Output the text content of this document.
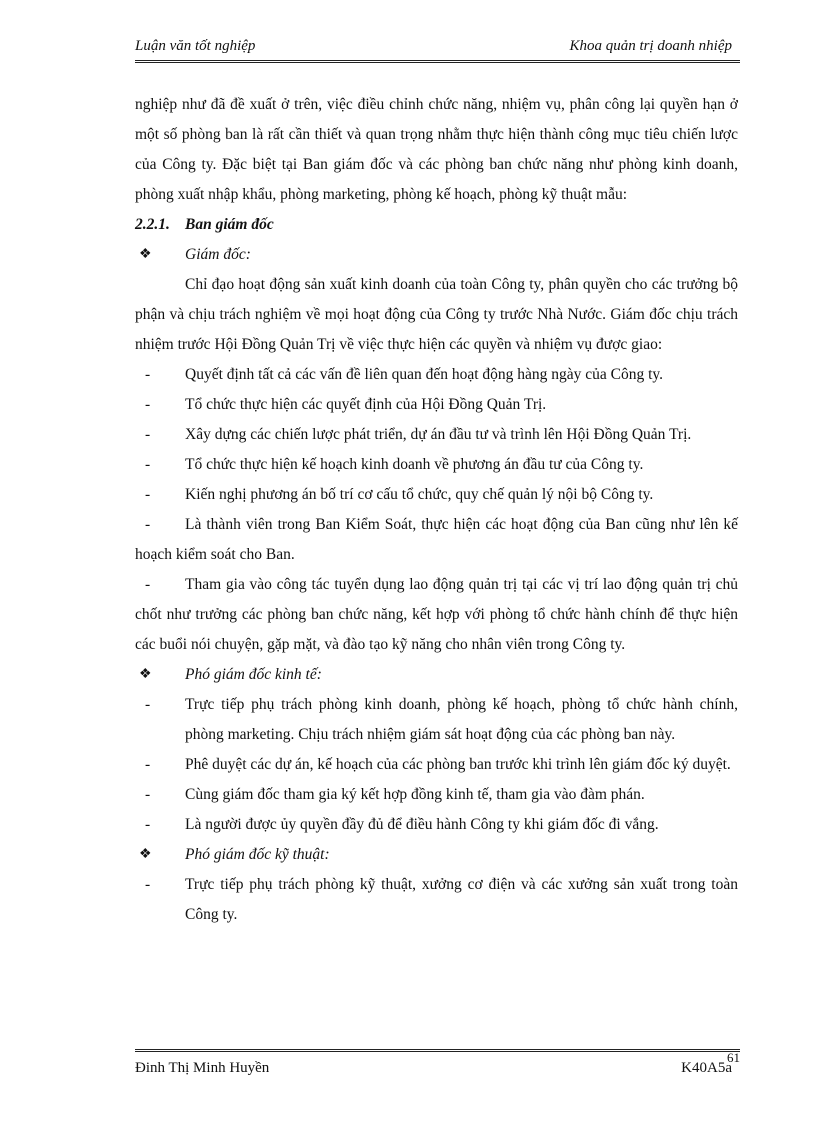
Luận văn tốt nghiệp	Khoa quản trị doanh nhiệp
nghiệp như đã đề xuất ở trên, việc điều chỉnh chức năng, nhiệm vụ, phân công lại quyền hạn ở một số phòng ban là rất cần thiết và quan trọng nhằm thực hiện thành công mục tiêu chiến lược của Công ty. Đặc biệt tại Ban giám đốc và các phòng ban chức năng như phòng kinh doanh, phòng xuất nhập khẩu, phòng marketing, phòng kế hoạch, phòng kỹ thuật mẫu:
2.2.1. Ban giám đốc
❖ Giám đốc:
Chỉ đạo hoạt động sản xuất kinh doanh của toàn Công ty, phân quyền cho các trưởng bộ phận và chịu trách nghiệm về mọi hoạt động của Công ty trước Nhà Nước. Giám đốc chịu trách nhiệm trước Hội Đồng Quản Trị về việc thực hiện các quyền và nhiệm vụ được giao:
- Quyết định tất cả các vấn đề liên quan đến hoạt động hàng ngày của Công ty.
- Tổ chức thực hiện các quyết định của Hội Đồng Quản Trị.
- Xây dựng các chiến lược phát triển, dự án đầu tư và trình lên Hội Đồng Quản Trị.
- Tổ chức thực hiện kế hoạch kinh doanh về phương án đầu tư của Công ty.
- Kiến nghị phương án bố trí cơ cấu tổ chức, quy chế quản lý nội bộ Công ty.
- Là thành viên trong Ban Kiểm Soát, thực hiện các hoạt động của Ban cũng như lên kế hoạch kiểm soát cho Ban.
- Tham gia vào công tác tuyển dụng lao động quản trị tại các vị trí lao động quản trị chủ chốt như trưởng các phòng ban chức năng, kết hợp với phòng tổ chức hành chính để thực hiện các buổi nói chuyện, gặp mặt, và đào tạo kỹ năng cho nhân viên trong Công ty.
❖ Phó giám đốc kinh tế:
- Trực tiếp phụ trách phòng kinh doanh, phòng kế hoạch, phòng tổ chức hành chính, phòng marketing. Chịu trách nhiệm giám sát hoạt động của các phòng ban này.
- Phê duyệt các dự án, kế hoạch của các phòng ban trước khi trình lên giám đốc ký duyệt.
- Cùng giám đốc tham gia ký kết hợp đồng kinh tế, tham gia vào đàm phán.
- Là người được ủy quyền đầy đủ để điều hành Công ty khi giám đốc đi vắng.
❖ Phó giám đốc kỹ thuật:
- Trực tiếp phụ trách phòng kỹ thuật, xưởng cơ điện và các xưởng sản xuất trong toàn Công ty.
Đinh Thị Minh Huyền	K40A5a
61
